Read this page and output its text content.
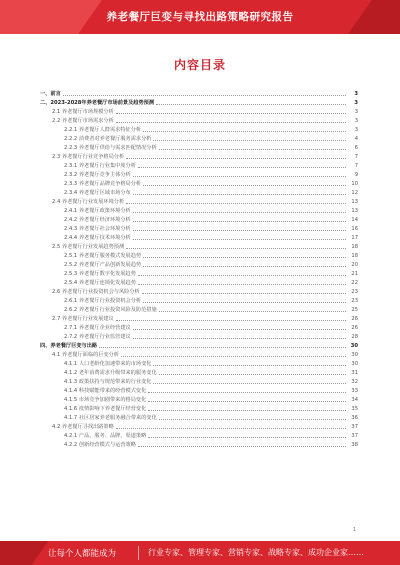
养老餐厅巨变与寻找出路策略研究报告
内容目录
一、前言	3
二、2023-2028年养老餐厅市场前景及趋势预测	3
2.1 养老餐厅市场规模分析	3
2.2 养老餐厅市场需求分析	3
2.2.1 养老餐厅人群需求特征分析	3
2.2.2 消费者对养老餐厅服务需求分析	4
2.2.3 养老餐厅供给与需求匹配情况分析	6
2.3 养老餐厅行业竞争格局分析	7
2.3.1 养老餐厅行业集中度分析	7
2.3.2 养老餐厅竞争主体分析	9
2.3.3 养老餐厅品牌竞争格局分析	10
2.3.4 养老餐厅区域市场分布	12
2.4 养老餐厅行业发展环境分析	13
2.4.1 养老餐厅政策环境分析	13
2.4.2 养老餐厅经济环境分析	14
2.4.3 养老餐厅社会环境分析	16
2.4.4 养老餐厅技术环境分析	17
2.5 养老餐厅行业发展趋势预测	18
2.5.1 养老餐厅服务模式发展趋势	18
2.5.2 养老餐厅产品创新发展趋势	20
2.5.3 养老餐厅数字化发展趋势	21
2.5.4 养老餐厅连锁化发展趋势	22
2.6 养老餐厅行业投资机会与风险分析	23
2.6.1 养老餐厅行业投资机会分析	23
2.6.2 养老餐厅行业投资风险及防范措施	25
2.7 养老餐厅行业发展建议	26
2.7.1 养老餐厅企业经营建议	26
2.7.2 养老餐厅行业监管建议	28
四、养老餐厅巨变与出路	30
4.1 养老餐厅面临的巨变分析	30
4.1.1 人口老龄化加速带来的市场变化	30
4.1.2 老年消费需求升级带来的服务变化	31
4.1.3 政策扶持与规范带来的行业变化	32
4.1.4 科技赋能带来的经营模式变化	33
4.1.5 市场竞争加剧带来的格局变化	34
4.1.6 疫情影响下养老餐厅经营变化	35
4.1.7 社区居家养老服务融合带来的变化	36
4.2 养老餐厅寻找出路策略	37
4.2.1 产品、服务、品牌、渠道策略	37
4.2.2 创新经营模式与运营策略	38
1
让每个人都能成为	行业专家、管理专家、营销专家、战略专家、成功企业家……
